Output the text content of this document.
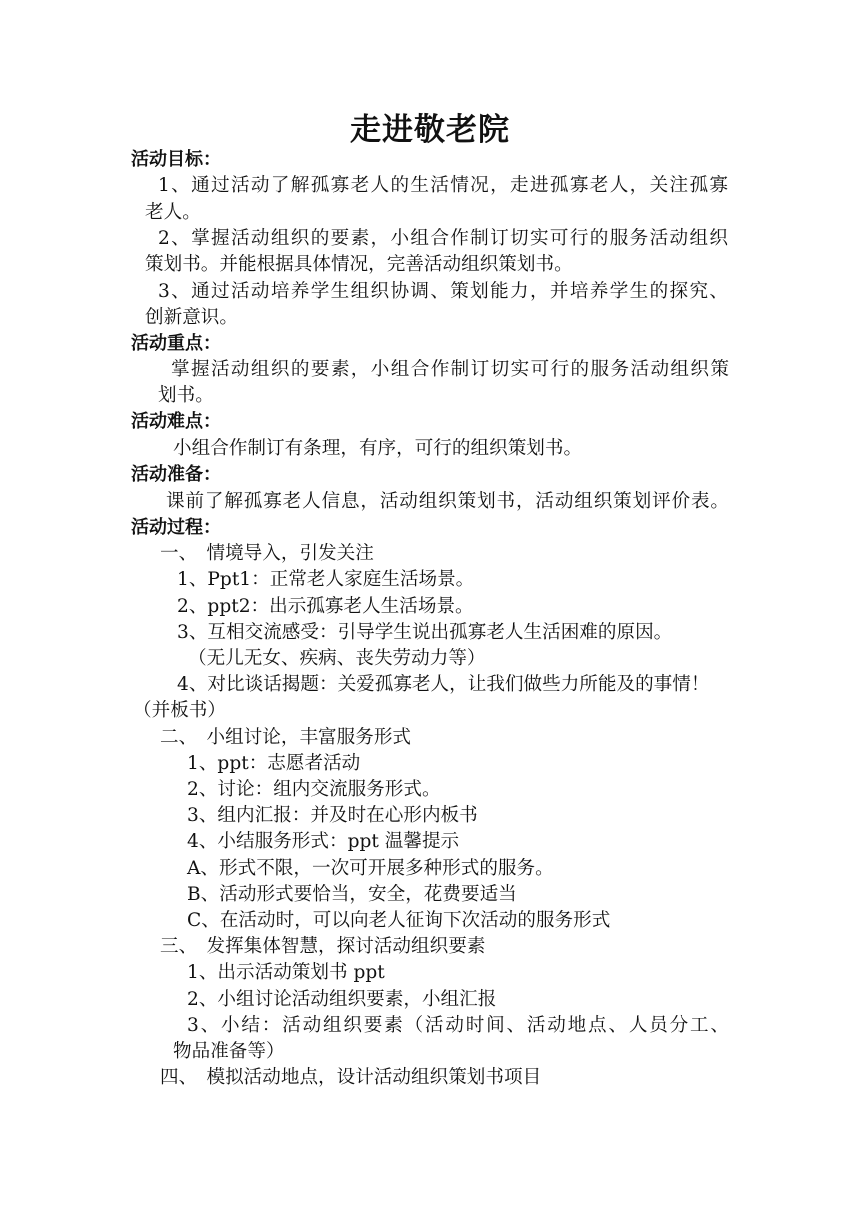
走进敬老院
活动目标：
1、通过活动了解孤寡老人的生活情况，走进孤寡老人，关注孤寡
老人。
2、掌握活动组织的要素，小组合作制订切实可行的服务活动组织
策划书。并能根据具体情况，完善活动组织策划书。
3、通过活动培养学生组织协调、策划能力，并培养学生的探究、
创新意识。
活动重点：
掌握活动组织的要素，小组合作制订切实可行的服务活动组织策
划书。
活动难点：
小组合作制订有条理，有序，可行的组织策划书。
活动准备：
课前了解孤寡老人信息，活动组织策划书，活动组织策划评价表。
活动过程：
一、　情境导入，引发关注
1、Ppt1：正常老人家庭生活场景。
2、ppt2：出示孤寡老人生活场景。
3、互相交流感受：引导学生说出孤寡老人生活困难的原因。
（无儿无女、疾病、丧失劳动力等）
4、对比谈话揭题：关爱孤寡老人，让我们做些力所能及的事情！
（并板书）
二、　小组讨论，丰富服务形式
1、ppt：志愿者活动
2、讨论：组内交流服务形式。
3、组内汇报：并及时在心形内板书
4、小结服务形式：ppt 温馨提示
A、形式不限，一次可开展多种形式的服务。
B、活动形式要恰当，安全，花费要适当
C、在活动时，可以向老人征询下次活动的服务形式
三、　发挥集体智慧，探讨活动组织要素
1、出示活动策划书 ppt
2、小组讨论活动组织要素，小组汇报
3、小结：活动组织要素（活动时间、活动地点、人员分工、
物品准备等）
四、　模拟活动地点，设计活动组织策划书项目
